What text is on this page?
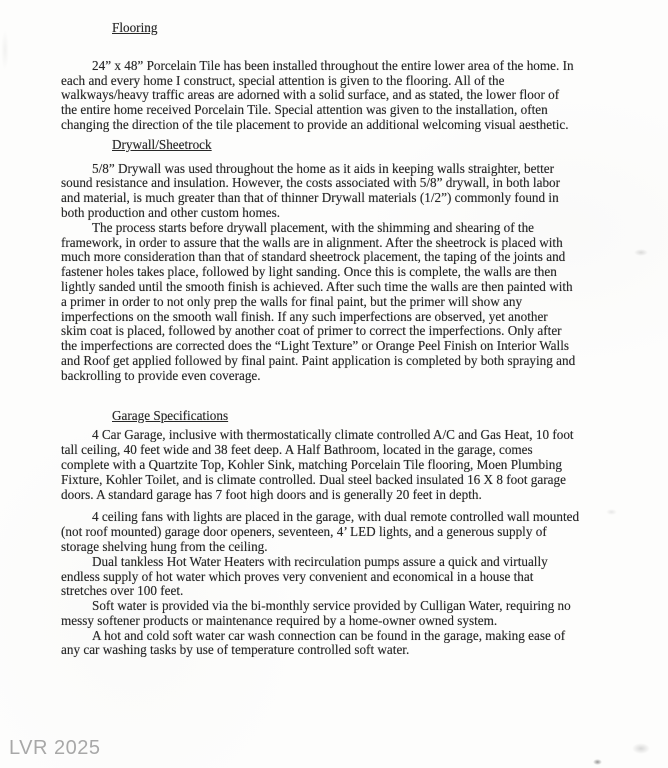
Flooring

24” x 48” Porcelain Tile has been installed throughout the entire lower area of the home. In
each and every home I construct, special attention is given to the flooring. All of the
walkways/heavy traffic areas are adorned with a solid surface, and as stated, the lower floor of
the entire home received Porcelain Tile. Special attention was given to the installation, often
changing the direction of the tile placement to provide an additional welcoming visual aesthetic.

Drywall/Sheetrock

5/8” Drywall was used throughout the home as it aids in keeping walls straighter, better
sound resistance and insulation. However, the costs associated with 5/8” drywall, in both labor
and material, is much greater than that of thinner Drywall materials (1/2”) commonly found in
both production and other custom homes.

The process starts before drywall placement, with the shimming and shearing of the
framework, in order to assure that the walls are in alignment. After the sheetrock is placed with
much more consideration than that of standard sheetrock placement, the taping of the joints and
fastener holes takes place, followed by light sanding. Once this is complete, the walls are then
lightly sanded until the smooth finish is achieved. After such time the walls are then painted with
a primer in order to not only prep the walls for final paint, but the primer will show any
imperfections on the smooth wall finish. If any such imperfections are observed, yet another
skim coat is placed, followed by another coat of primer to correct the imperfections. Only after
the imperfections are corrected does the “Light Texture” or Orange Peel Finish on Interior Walls
and Roof get applied followed by final paint. Paint application is completed by both spraying and
backrolling to provide even coverage.

Garage Specifications

4 Car Garage, inclusive with thermostatically climate controlled A/C and Gas Heat, 10 foot
tall ceiling, 40 feet wide and 38 feet deep. A Half Bathroom, located in the garage, comes
complete with a Quartzite Top, Kohler Sink, matching Porcelain Tile flooring, Moen Plumbing
Fixture, Kohler Toilet, and is climate controlled. Dual steel backed insulated 16 X 8 foot garage
doors. A standard garage has 7 foot high doors and is generally 20 feet in depth.

4 ceiling fans with lights are placed in the garage, with dual remote controlled wall mounted
(not roof mounted) garage door openers, seventeen, 4’ LED lights, and a generous supply of
storage shelving hung from the ceiling.

Dual tankless Hot Water Heaters with recirculation pumps assure a quick and virtually
endless supply of hot water which proves very convenient and economical in a house that
stretches over 100 feet.

Soft water is provided via the bi-monthly service provided by Culligan Water, requiring no
messy softener products or maintenance required by a home-owner owned system.

A hot and cold soft water car wash connection can be found in the garage, making ease of
any car washing tasks by use of temperature controlled soft water.

LVR 2025
